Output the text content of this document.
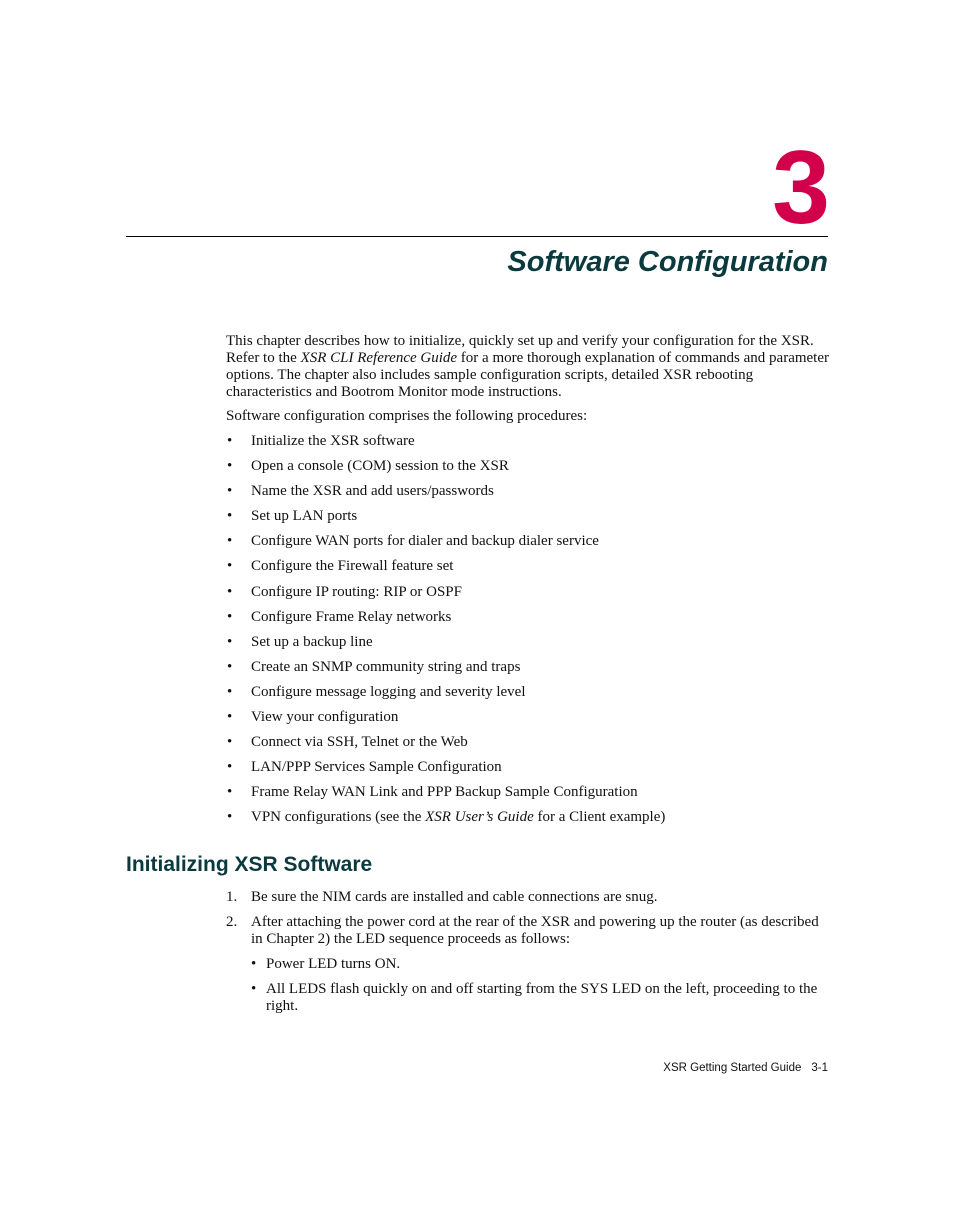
3
Software Configuration

This chapter describes how to initialize, quickly set up and verify your configuration for the XSR. Refer to the XSR CLI Reference Guide for a more thorough explanation of commands and parameter options. The chapter also includes sample configuration scripts, detailed XSR rebooting characteristics and Bootrom Monitor mode instructions.

Software configuration comprises the following procedures:

• Initialize the XSR software
• Open a console (COM) session to the XSR
• Name the XSR and add users/passwords
• Set up LAN ports
• Configure WAN ports for dialer and backup dialer service
• Configure the Firewall feature set
• Configure IP routing: RIP or OSPF
• Configure Frame Relay networks
• Set up a backup line
• Create an SNMP community string and traps
• Configure message logging and severity level
• View your configuration
• Connect via SSH, Telnet or the Web
• LAN/PPP Services Sample Configuration
• Frame Relay WAN Link and PPP Backup Sample Configuration
• VPN configurations (see the XSR User’s Guide for a Client example)
Initializing XSR Software
1. Be sure the NIM cards are installed and cable connections are snug.
2. After attaching the power cord at the rear of the XSR and powering up the router (as described in Chapter 2) the LED sequence proceeds as follows:
• Power LED turns ON.
• All LEDS flash quickly on and off starting from the SYS LED on the left, proceeding to the right.
XSR Getting Started Guide 3-1
